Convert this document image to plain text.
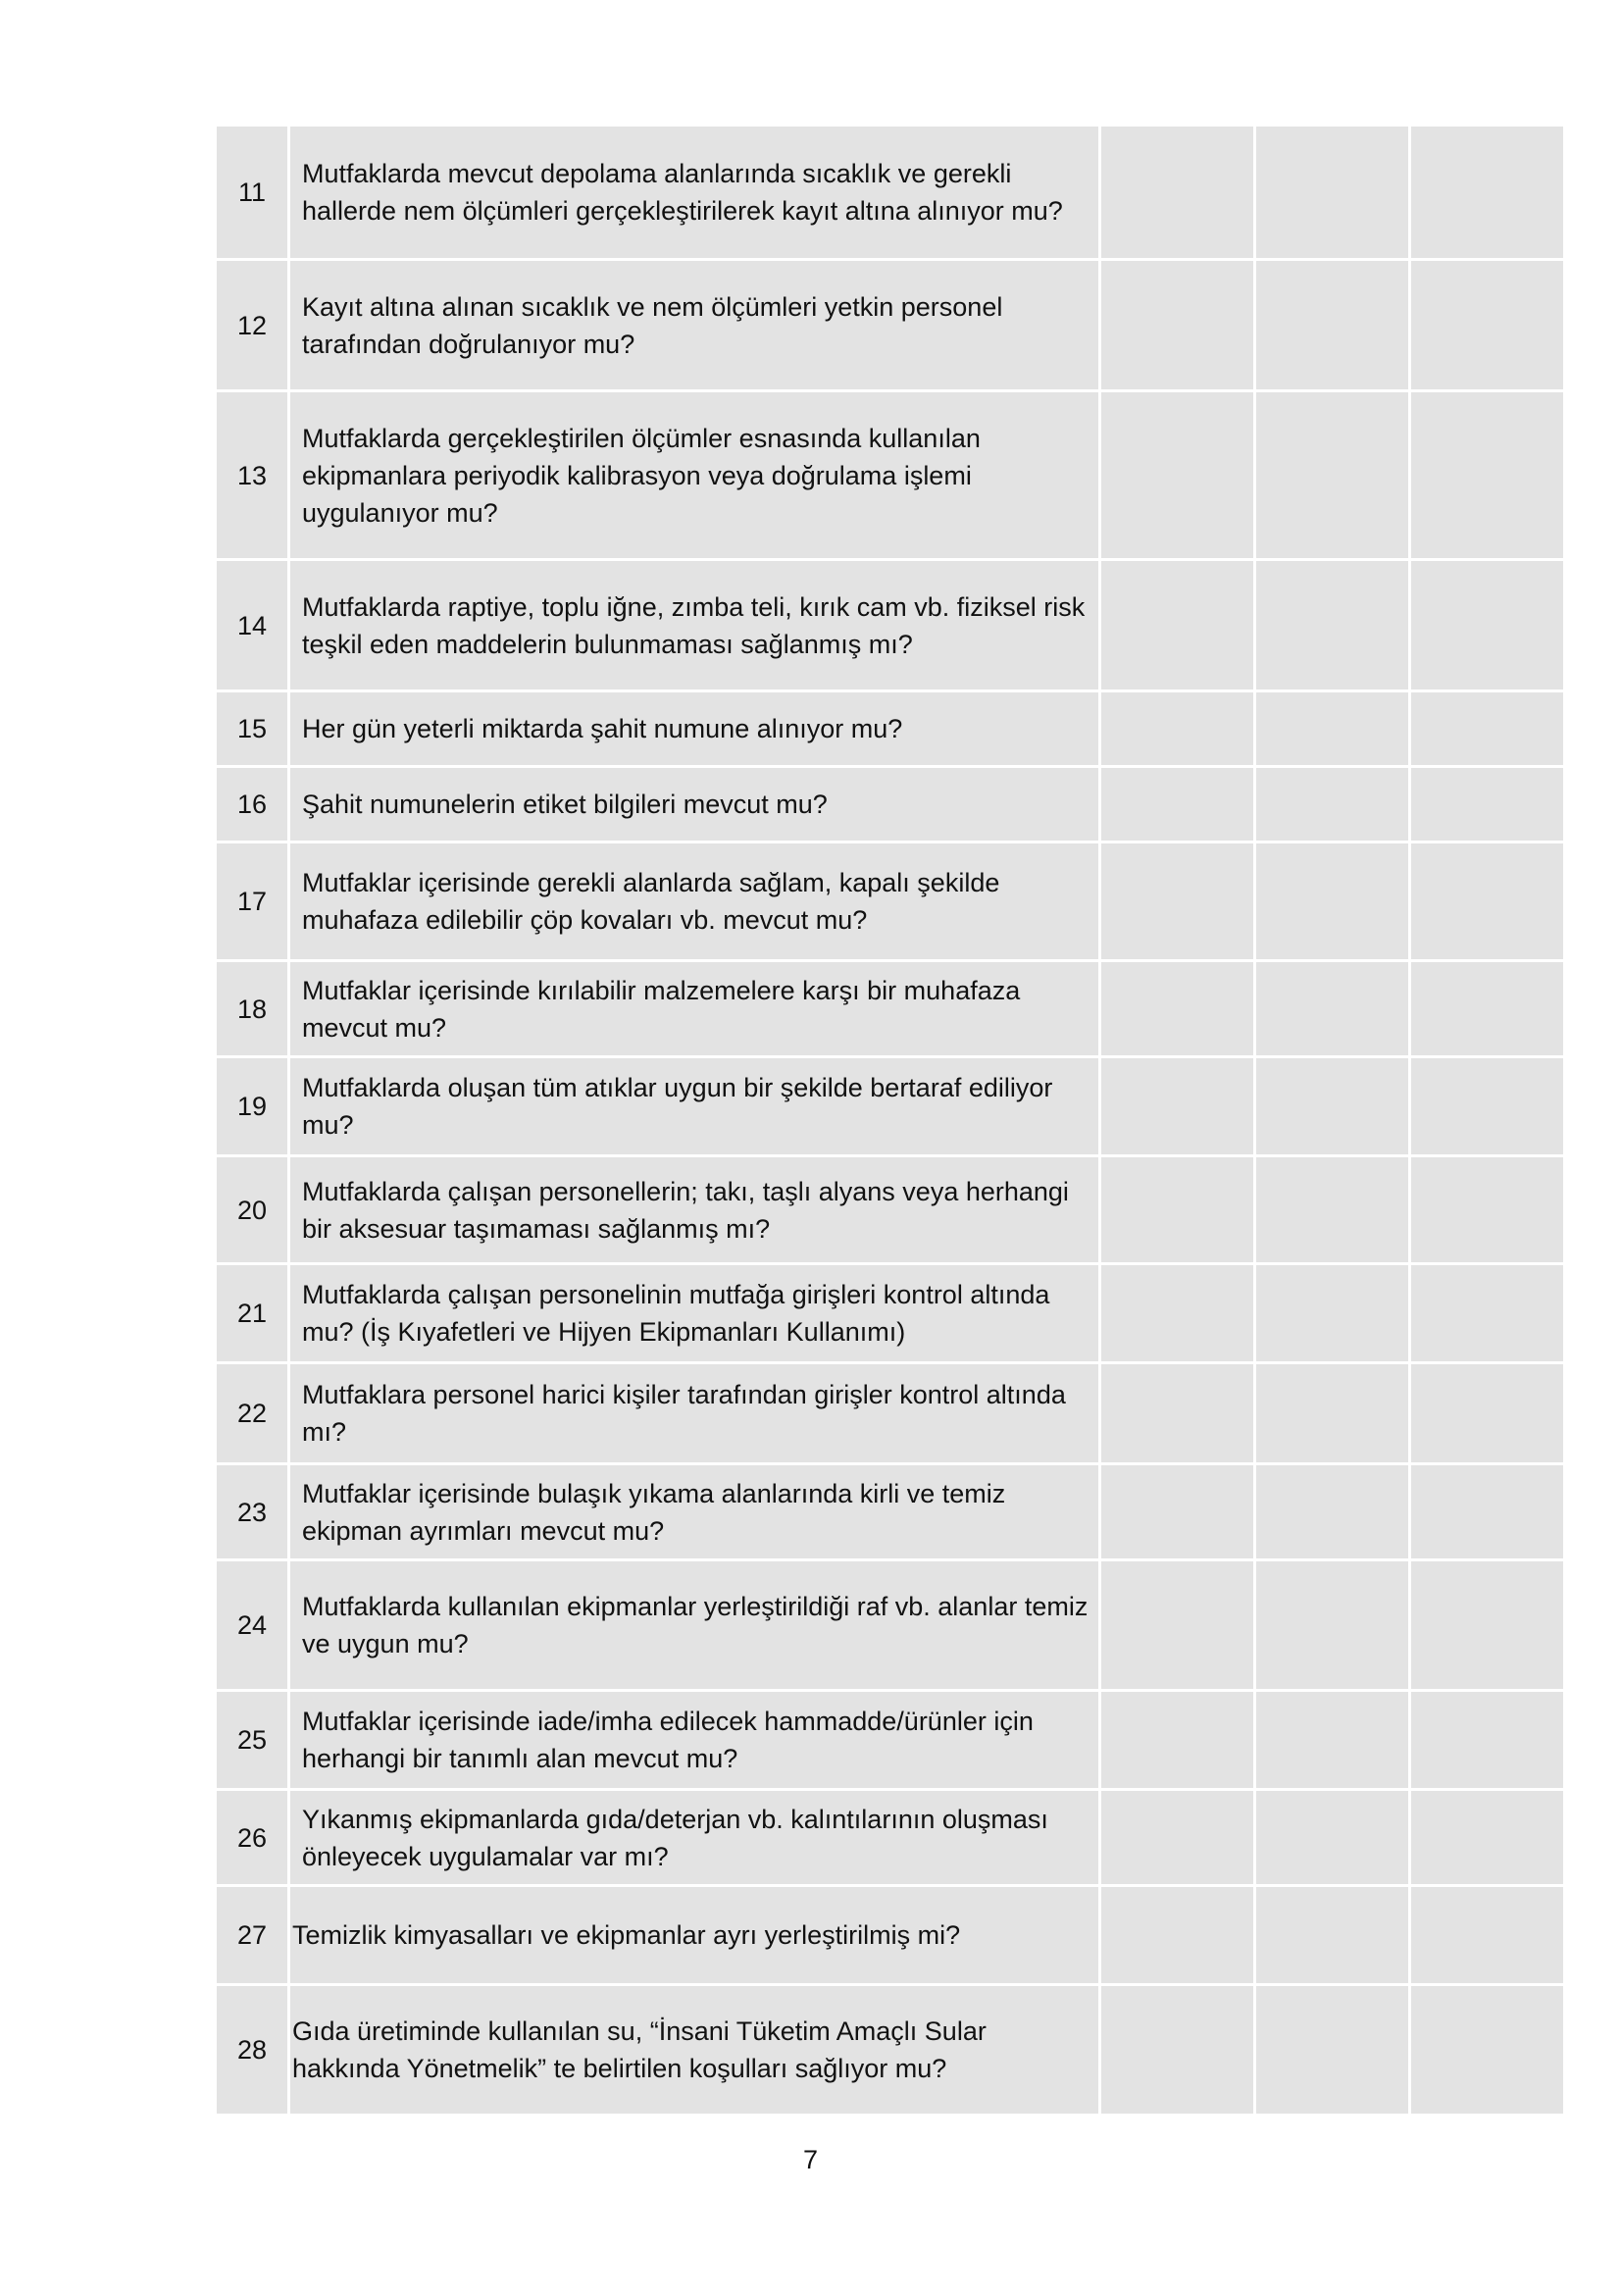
11	Mutfaklarda mevcut depolama alanlarında sıcaklık ve gerekli hallerde nem ölçümleri gerçekleştirilerek kayıt altına alınıyor mu?			
12	Kayıt altına alınan sıcaklık ve nem ölçümleri yetkin personel tarafından doğrulanıyor mu?			
13	Mutfaklarda gerçekleştirilen ölçümler esnasında kullanılan ekipmanlara periyodik kalibrasyon veya doğrulama işlemi uygulanıyor mu?			
14	Mutfaklarda raptiye, toplu iğne, zımba teli, kırık cam vb. fiziksel risk teşkil eden maddelerin bulunmaması sağlanmış mı?			
15	Her gün yeterli miktarda şahit numune alınıyor mu?			
16	Şahit numunelerin etiket bilgileri mevcut mu?			
17	Mutfaklar içerisinde gerekli alanlarda sağlam, kapalı şekilde muhafaza edilebilir çöp kovaları vb. mevcut mu?			
18	Mutfaklar içerisinde kırılabilir malzemelere karşı bir muhafaza mevcut mu?			
19	Mutfaklarda oluşan tüm atıklar uygun bir şekilde bertaraf ediliyor mu?			
20	Mutfaklarda çalışan personellerin; takı, taşlı alyans veya herhangi bir aksesuar taşımaması sağlanmış mı?			
21	Mutfaklarda çalışan personelinin mutfağa girişleri kontrol altında mu? (İş Kıyafetleri ve Hijyen Ekipmanları Kullanımı)			
22	Mutfaklara personel harici kişiler tarafından girişler kontrol altında mı?			
23	Mutfaklar içerisinde bulaşık yıkama alanlarında kirli ve temiz ekipman ayrımları mevcut mu?			
24	Mutfaklarda kullanılan ekipmanlar yerleştirildiği raf vb. alanlar temiz ve uygun mu?			
25	Mutfaklar içerisinde iade/imha edilecek hammadde/ürünler için herhangi bir tanımlı alan mevcut mu?			
26	Yıkanmış ekipmanlarda gıda/deterjan vb. kalıntılarının oluşması önleyecek uygulamalar var mı?			
27	Temizlik kimyasalları ve ekipmanlar ayrı yerleştirilmiş mi?			
28	Gıda üretiminde kullanılan su, “İnsani Tüketim Amaçlı Sular hakkında Yönetmelik” te belirtilen koşulları sağlıyor mu?			
7
